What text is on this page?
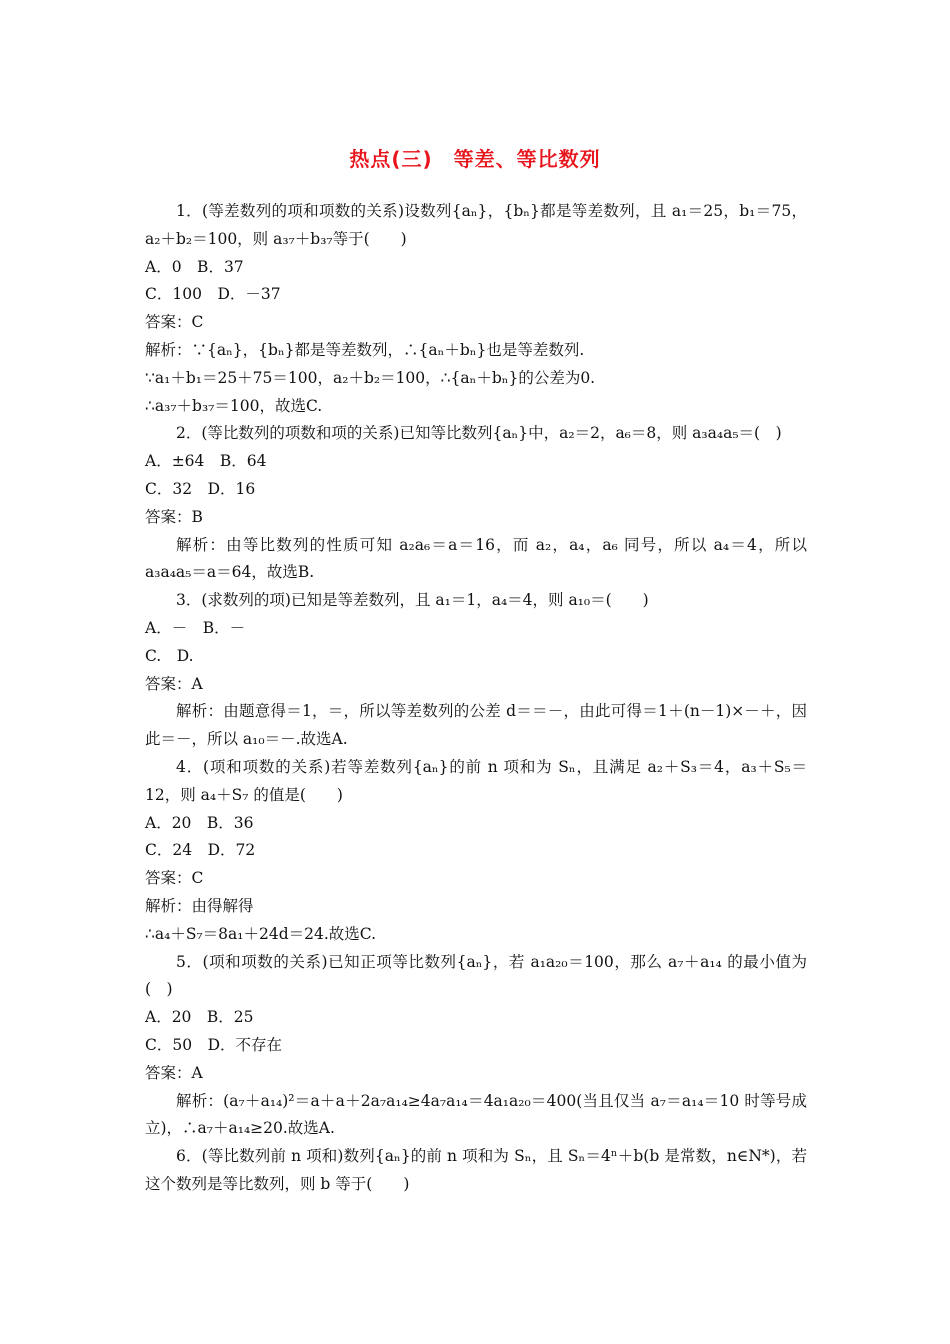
热点(三)　等差、等比数列

1．(等差数列的项和项数的关系)设数列{aₙ}，{bₙ}都是等差数列，且 a₁＝25，b₁＝75，a₂＋b₂＝100，则 a₃₇＋b₃₇等于(　　)

A．0　B．37

C．100　D．－37

答案：C

解析：∵{aₙ}，{bₙ}都是等差数列，∴{aₙ＋bₙ}也是等差数列.

∵a₁＋b₁＝25＋75＝100，a₂＋b₂＝100，∴{aₙ＋bₙ}的公差为0.

∴a₃₇＋b₃₇＝100，故选C.

2．(等比数列的项数和项的关系)已知等比数列{aₙ}中，a₂＝2，a₆＝8，则 a₃a₄a₅＝(　)

A．±64　B．64

C．32　D．16

答案：B

解析：由等比数列的性质可知 a₂a₆＝a＝16，而 a₂，a₄，a₆ 同号，所以 a₄＝4，所以 a₃a₄a₅＝a＝64，故选B.

3．(求数列的项)已知是等差数列，且 a₁＝1，a₄＝4，则 a₁₀＝(　　)

A．－　B．－

C.　D.

答案：A

解析：由题意得＝1，＝，所以等差数列的公差 d＝＝－，由此可得＝1＋(n－1)×－＋，因此＝－，所以 a₁₀＝－.故选A.

4．(项和项数的关系)若等差数列{aₙ}的前 n 项和为 Sₙ，且满足 a₂＋S₃＝4，a₃＋S₅＝12，则 a₄＋S₇ 的值是(　　)

A．20　B．36

C．24　D．72

答案：C

解析：由得解得

∴a₄＋S₇＝8a₁＋24d＝24.故选C.

5．(项和项数的关系)已知正项等比数列{aₙ}，若 a₁a₂₀＝100，那么 a₇＋a₁₄ 的最小值为(　)

A．20　B．25

C．50　D．不存在

答案：A

解析：(a₇＋a₁₄)²＝a＋a＋2a₇a₁₄≥4a₇a₁₄＝4a₁a₂₀＝400(当且仅当 a₇＝a₁₄＝10 时等号成立)，∴a₇＋a₁₄≥20.故选A.

6．(等比数列前 n 项和)数列{aₙ}的前 n 项和为 Sₙ，且 Sₙ＝4ⁿ＋b(b 是常数，n∈N*)，若这个数列是等比数列，则 b 等于(　　)
